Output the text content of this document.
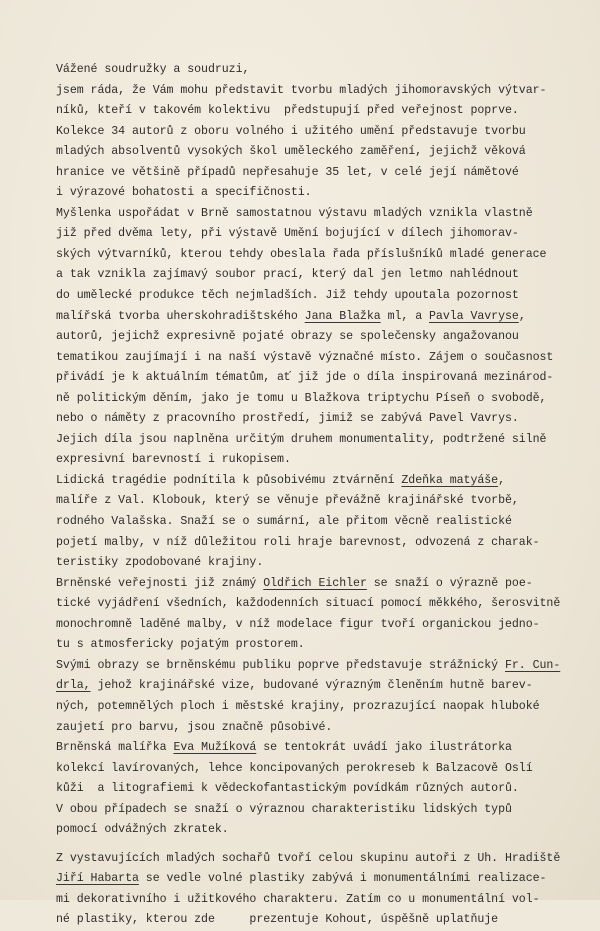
Vážené soudružky a soudruzi,
jsem ráda, že Vám mohu představit tvorbu mladých jihomoravských výtvar-
níků, kteří v takovém kolektivu  předstupují před veřejnost poprve.
Kolekce 34 autorů z oboru volného i užitého umění představuje tvorbu
mladých absolventů vysokých škol uměleckého zaměření, jejichž věková
hranice ve většině případů nepřesahuje 35 let, v celé její námětové
i výrazové bohatosti a specifičnosti.
Myšlenka uspořádat v Brně samostatnou výstavu mladých vznikla vlastně
již před dvěma lety, při výstavě Umění bojující v dílech jihomorav-
ských výtvarníků, kterou tehdy obeslala řada příslušníků mladé generace
a tak vznikla zajímavý soubor prací, který dal jen letmo nahlédnout
do umělecké produkce těch nejmladších. Již tehdy upoutala pozornost
malířská tvorba uherskohradištského Jana Blažka ml, a Pavla Vavryse,
autorů, jejichž expresivně pojaté obrazy se společensky angažovanou
tematikou zaujímají i na naší výstavě význačné místo. Zájem o současnost
přivádí je k aktuálním tématům, ať již jde o díla inspirovaná mezinárod-
ně politickým děním, jako je tomu u Blažkova triptychu Píseň o svobodě,
nebo o náměty z pracovního prostředí, jimiž se zabývá Pavel Vavrys.
Jejich díla jsou naplněna určitým druhem monumentality, podtržené silně
expresivní barevností i rukopisem.
Lidická tragédie podnítila k působivému ztvárnění Zdeňka matyáše,
malíře z Val. Klobouk, který se věnuje převážně krajinářské tvorbě,
rodného Valašska. Snaží se o sumární, ale přitom věcně realistické
pojetí malby, v níž důležitou roli hraje barevnost, odvozená z charak-
teristiky zpodobované krajiny.
Brněnské veřejnosti již známý Oldřich Eichler se snaží o výrazně poe-
tické vyjádření všedních, každodenních situací pomocí měkkého, šerosvitně
monochromně laděné malby, v níž modelace figur tvoří organickou jedno-
tu s atmosfericky pojatým prostorem.
Svými obrazy se brněnskému publiku poprve představuje strážnický Fr. Cun-
drla, jehož krajinářské vize, budované výrazným členěním hutně barev-
ných, potemnělých ploch i městské krajiny, prozrazující naopak hluboké
zaujetí pro barvu, jsou značně působivé.
Brněnská malířka Eva Mužíková se tentokrát uvádí jako ilustrátorka
kolekcí lavírovaných, lehce koncipovaných perokreseb k Balzacově Oslí
kůži  a litografiemi k vědeckofantastickým povídkám různých autorů.
V obou případech se snaží o výraznou charakteristiku lidských typů
pomocí odvážných zkratek.
Z vystavujících mladých sochařů tvoří celou skupinu autoři z Uh. Hradiště
Jiří Habarta se vedle volné plastiky zabývá i monumentálními realizace-
mi dekorativního i užitkového charakteru. Zatím co u monumentální vol-
né plastiky, kterou zde     prezentuje Kohout, úspěšně uplatňuje
